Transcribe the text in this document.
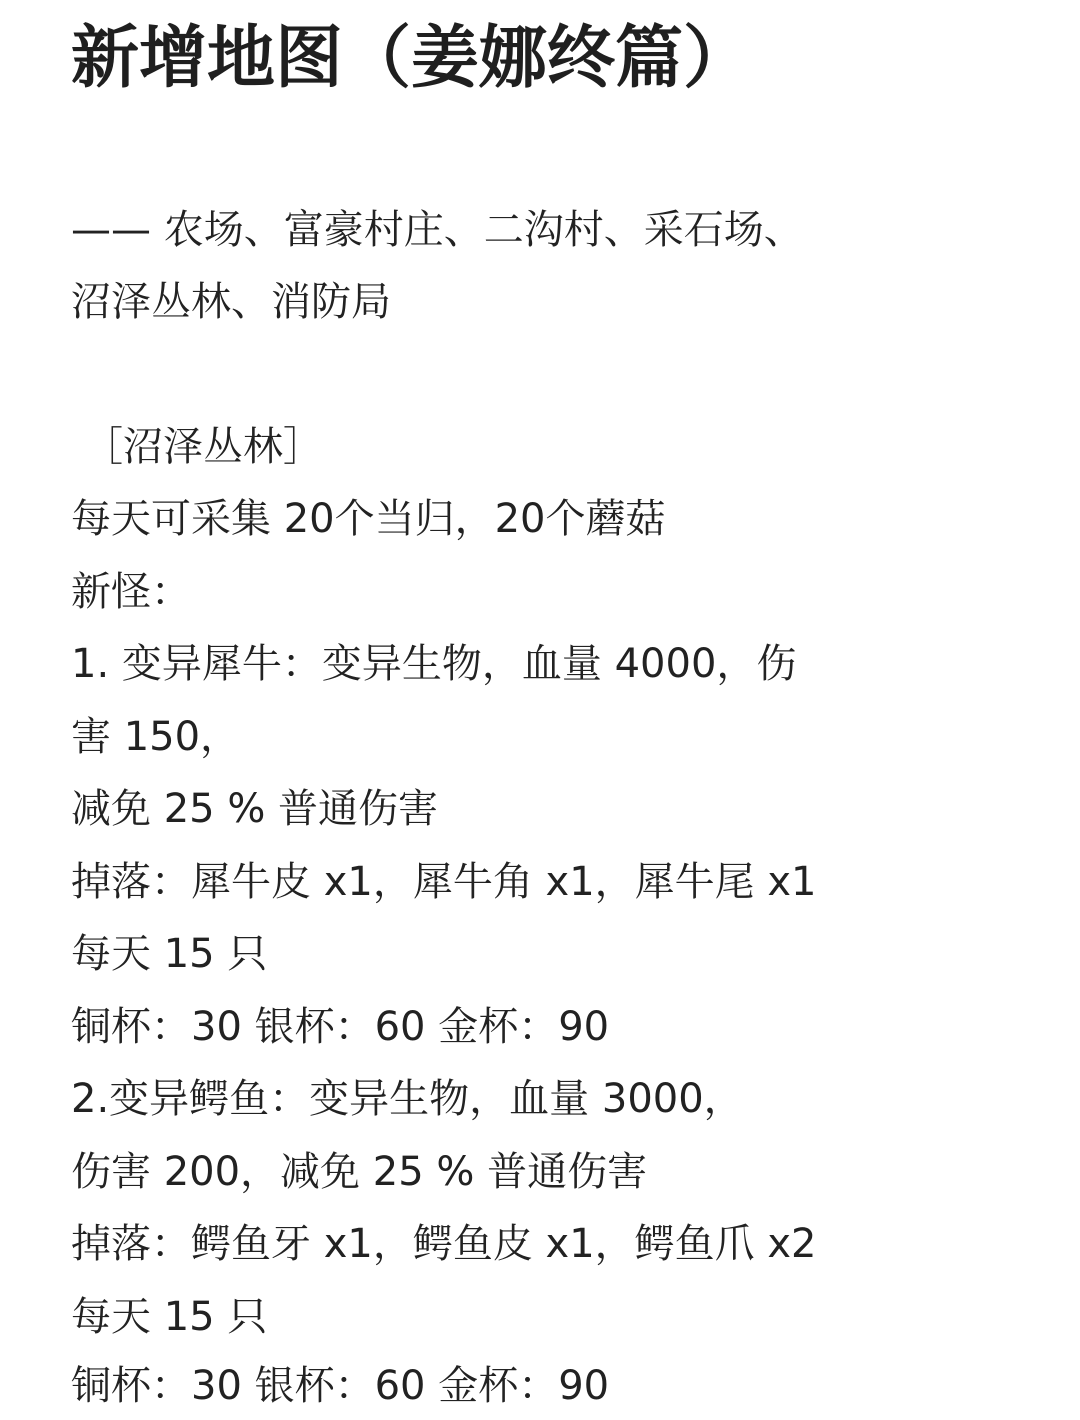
新增地图（姜娜终篇）
—— 农场、富豪村庄、二沟村、采石场、
沼泽丛林、消防局
［沼泽丛林］
每天可采集 20个当归，20个蘑菇
新怪：
1. 变异犀牛：变异生物，血量 4000，伤
害 150，
减免 25 % 普通伤害
掉落：犀牛皮 x1，犀牛角 x1，犀牛尾 x1
每天 15 只
铜杯：30 银杯：60 金杯：90
2.变异鳄鱼：变异生物，血量 3000，
伤害 200，减免 25 % 普通伤害
掉落：鳄鱼牙 x1，鳄鱼皮 x1，鳄鱼爪 x2
每天 15 只
铜杯：30 银杯：60 金杯：90
